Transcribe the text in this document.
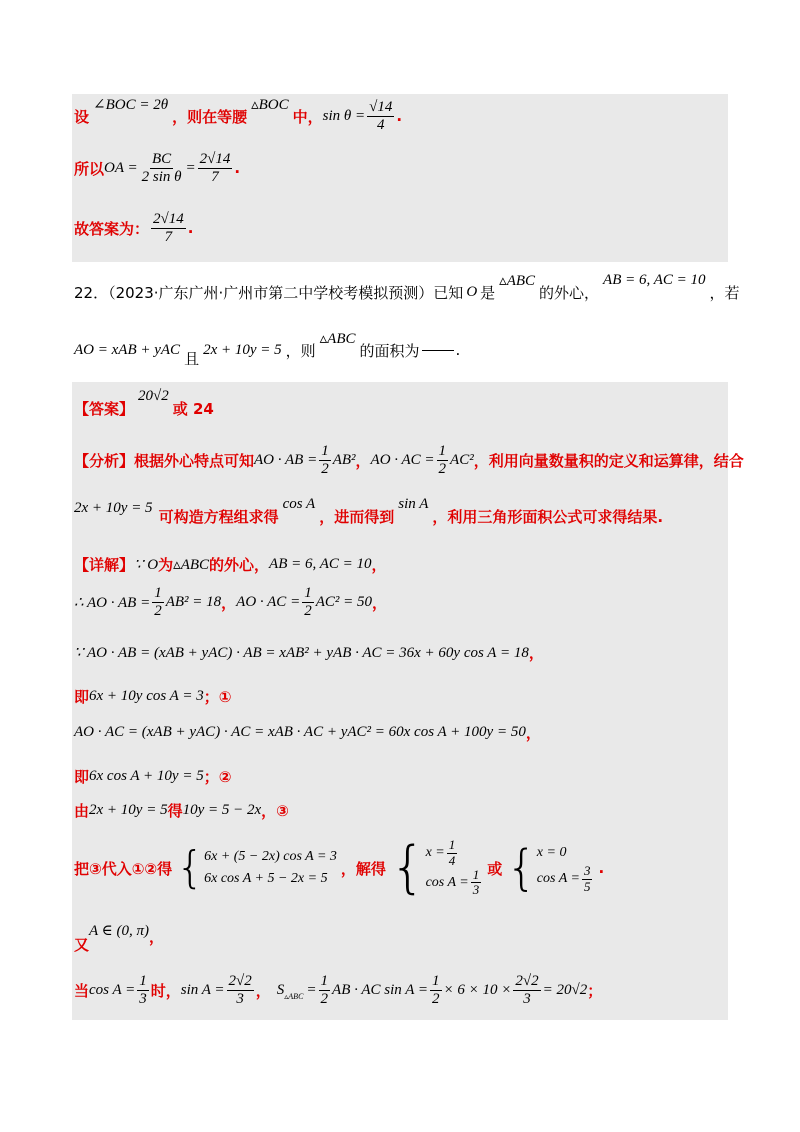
设
∠BOC = 2θ
，则在等腰
▵BOC
中， $\sin \theta = \frac{√14}{4}$ .
所以 OA = $\frac{BC}{\text{2 sin θ}} = \frac{2√14}{7}$ .
故答案为： $\frac{2√14}{7}$ .
22．（2023·广东广州·广州市第二中学校考模拟预测）已知 O 是
▵ABC
的外心，
AB = 6, AC = 10
，若
AO = xAB + yAC 且 2x + 10y = 5 ，则
▵ABC
的面积为 .
【答案】
20√2
或 24
【分析】根据外心特点可知 AO · AB = $\frac{1}{2} AB^2$ ， AO · AC = $\frac{1}{2} AC^2$ ，利用向量数量积的定义和运算律，结合
2x + 10y = 5 可构造方程组求得
cos A
，进而得到
sin A
，利用三角形面积公式可求得结果.
【详解】 ∵ O 为 ▵ABC 的外心， AB = 6, AC = 10 ，
∴ AO · AB = $\frac{1}{2} AB^2 = 18$ ， AO · AC = $\frac{1}{2} AC^2 = 50$ ，
∵ AO · AB = (xAB + yAC) · AB = xAB² + yAB · AC = 36x + 60y cos A = 18 ，
即 6x + 10y cos A = 3 ；①
AO · AC = (xAB + yAC) · AC = xAB · AC + yAC² = 60x cos A + 100y = 50 ，
即 6x cos A + 10y = 5 ；②
由 2x + 10y = 5 得 10y = 5 − 2x ，③
把③代入①②得 { 6x + (5 − 2x) cos A = 3
6x cos A + 5 − 2x = 5
，解得 { $x = \frac{1}{4}$
$\cos A = \frac{1}{3}$ 或 { x = 0
$\cos A = \frac{3}{5}$ .
又
A ∈ (0, π) ，
当 $\cos A = \frac{1}{3}$ 时， $\sin A = \frac{2√2}{3}$ ， S ▵ABC = $\frac{1}{2}$ AB · AC $\sin A = \frac{1}{2} \times 6 \times 10 \times \frac{2√2}{3} = 20√2$ ；
